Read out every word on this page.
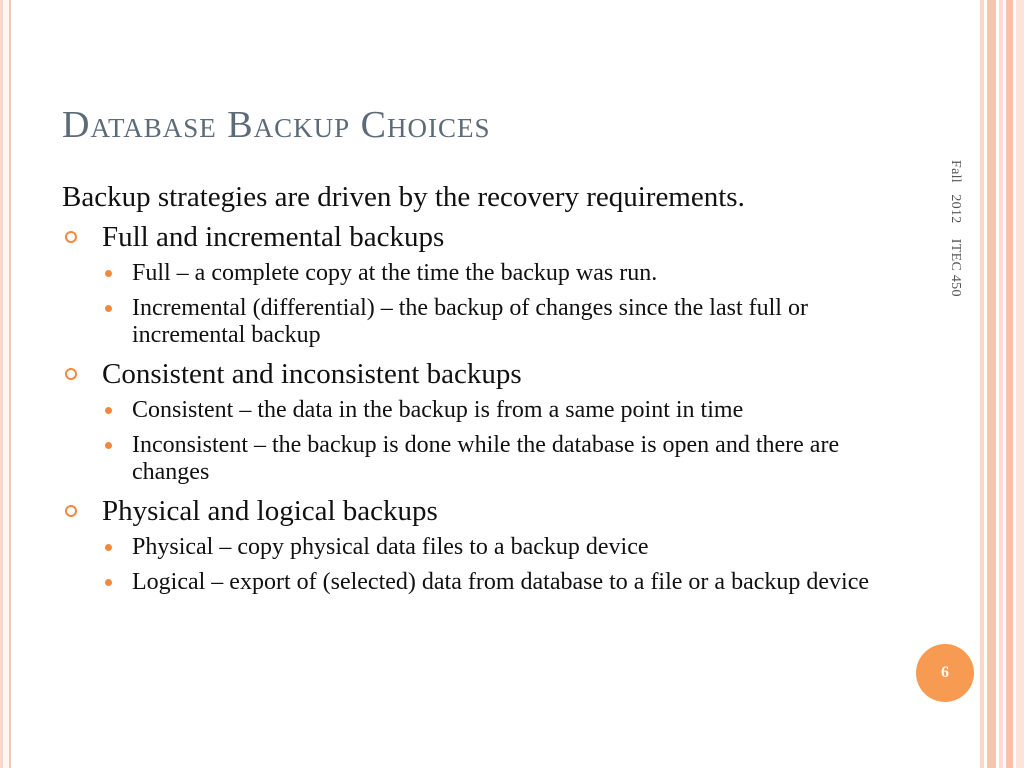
Database Backup Choices

Backup strategies are driven by the recovery requirements.

Full and incremental backups
Full – a complete copy at the time the backup was run.
Incremental (differential) – the backup of changes since the last full or incremental backup
Consistent and inconsistent backups
Consistent – the data in the backup is from a same point in time
Inconsistent – the backup is done while the database is open and there are changes
Physical and logical backups
Physical – copy physical data files to a backup device
Logical – export of (selected) data from database to a file or a backup device
Fall   2012    ITEC 450
6
